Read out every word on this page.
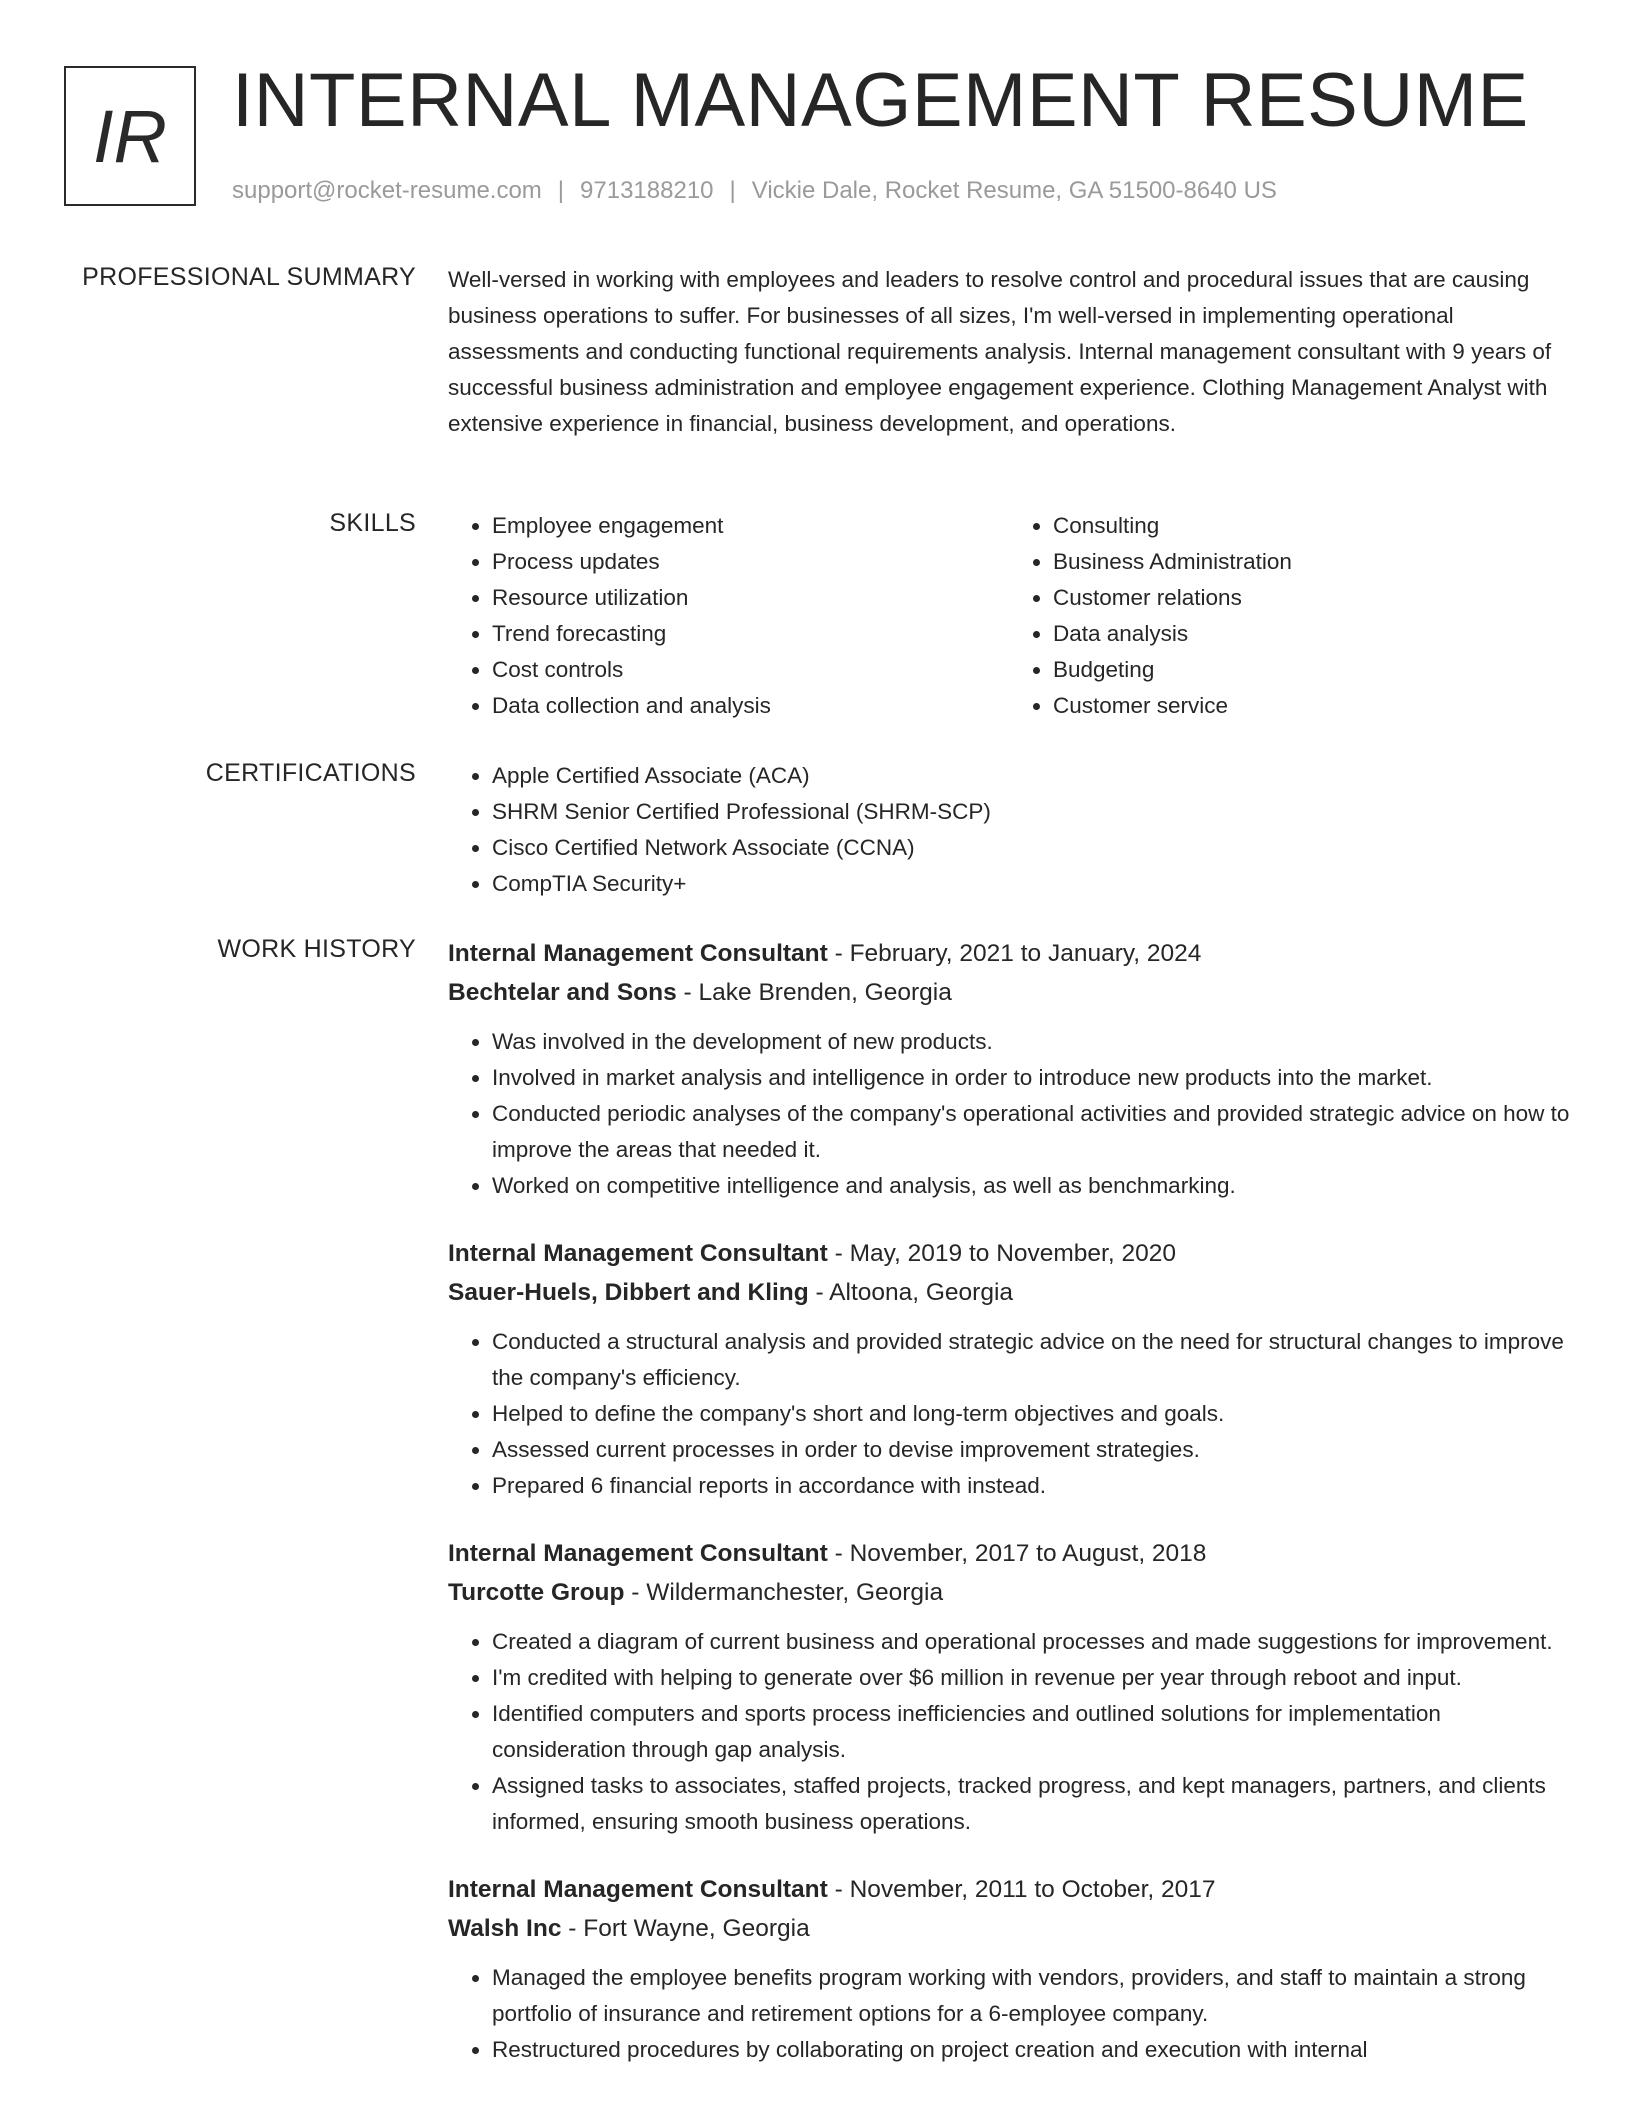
IR INTERNAL MANAGEMENT RESUME
support@rocket-resume.com | 9713188210 | Vickie Dale, Rocket Resume, GA 51500-8640 US
PROFESSIONAL SUMMARY Well-versed in working with employees and leaders to resolve control and procedural issues that are causing business operations to suffer. For businesses of all sizes, I'm well-versed in implementing operational assessments and conducting functional requirements analysis. Internal management consultant with 9 years of successful business administration and employee engagement experience. Clothing Management Analyst with extensive experience in financial, business development, and operations.

SKILLS	• Employee engagement
• Process updates
• Resource utilization
• Trend forecasting
• Cost controls
• Data collection and analysis
• Consulting
• Business Administration
• Customer relations
• Data analysis
• Budgeting
• Customer service
CERTIFICATIONS	• Apple Certified Associate (ACA)
• SHRM Senior Certified Professional (SHRM-SCP)
• Cisco Certified Network Associate (CCNA)
• CompTIA Security+
WORK HISTORY Internal Management Consultant - February, 2021 to January, 2024
Bechtelar and Sons - Lake Brenden, Georgia
• Was involved in the development of new products.
• Involved in market analysis and intelligence in order to introduce new products into the market.
• Conducted periodic analyses of the company's operational activities and provided strategic advice on how to improve the areas that needed it.
• Worked on competitive intelligence and analysis, as well as benchmarking.
Internal Management Consultant - May, 2019 to November, 2020
Sauer-Huels, Dibbert and Kling - Altoona, Georgia
• Conducted a structural analysis and provided strategic advice on the need for structural changes to improve the company's efficiency.
• Helped to define the company's short and long-term objectives and goals.
• Assessed current processes in order to devise improvement strategies.
• Prepared 6 financial reports in accordance with instead.
Internal Management Consultant - November, 2017 to August, 2018
Turcotte Group - Wildermanchester, Georgia
• Created a diagram of current business and operational processes and made suggestions for improvement.
• I'm credited with helping to generate over $6 million in revenue per year through reboot and input.
• Identified computers and sports process inefficiencies and outlined solutions for implementation consideration through gap analysis.
• Assigned tasks to associates, staffed projects, tracked progress, and kept managers, partners, and clients informed, ensuring smooth business operations.
Internal Management Consultant - November, 2011 to October, 2017
Walsh Inc - Fort Wayne, Georgia
• Managed the employee benefits program working with vendors, providers, and staff to maintain a strong portfolio of insurance and retirement options for a 6-employee company.
• Restructured procedures by collaborating on project creation and execution with internal
